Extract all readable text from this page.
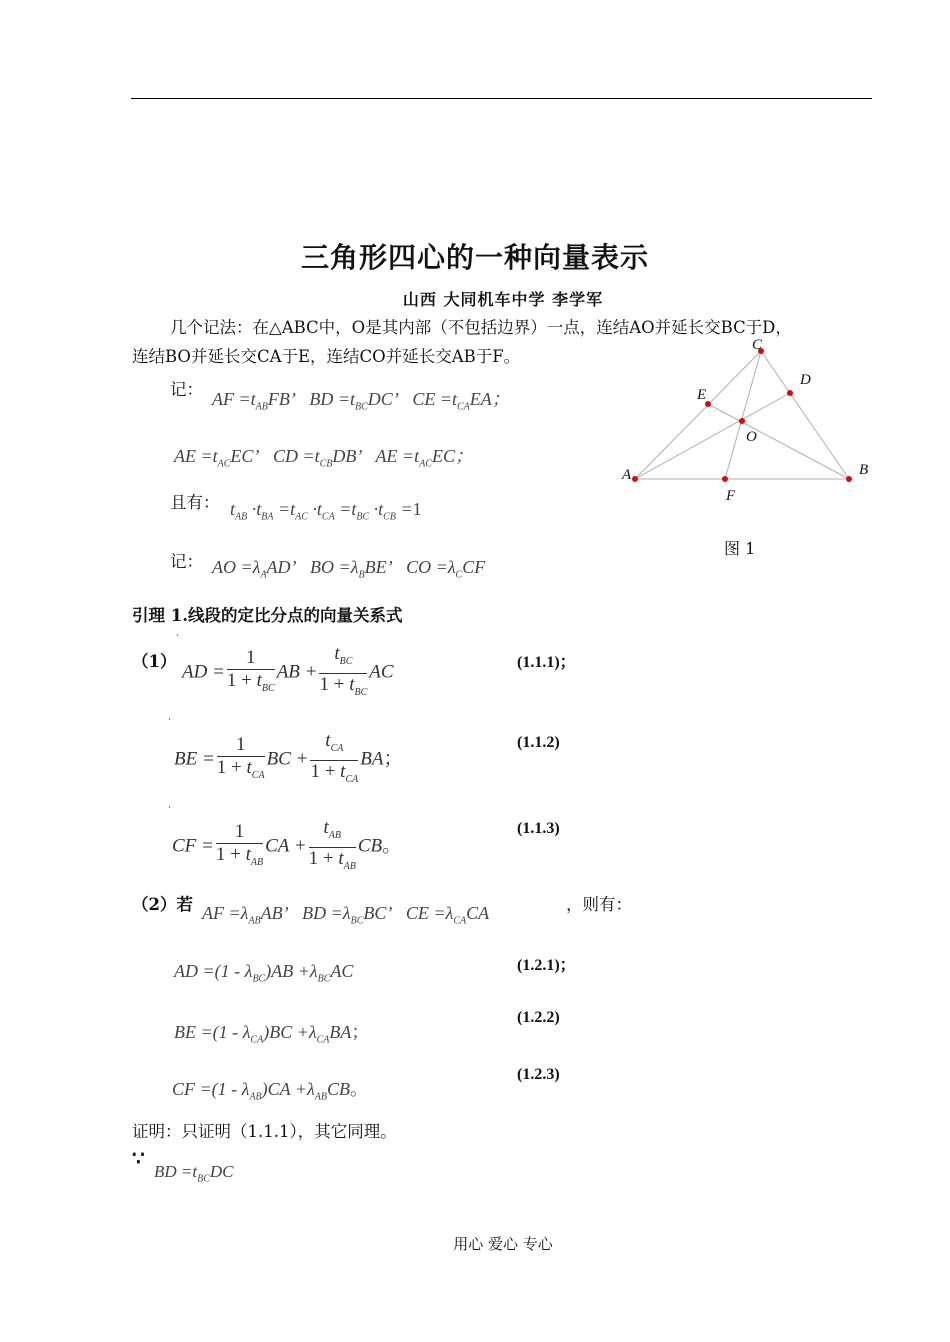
三角形四心的一种向量表示
山西 大同机车中学 李学军
几个记法：在△ABC中，O是其内部（不包括边界）一点，连结AO并延长交BC于D，
连结BO并延长交CA于E，连结CO并延长交AB于F。
记： AF $=t_{AB}FB$’   BD $=t_{BC}DC$’   CE $=t_{CA}EA$；
AE $=t_{AC}EC$’   CD $=t_{CB}DB$’   AE $=t_{AC}EC$；
且有： $t_{AB} \cdot t_{BA} =t_{AC} \cdot t_{CA} =t_{BC} \cdot t_{CB} =1$
记： AO $=\lambda_AAD$’   BO $=\lambda_BBE$’   CO $=\lambda_CCF$
A	B
C
D
E
F
O
图 1
引理 1.线段的定比分点的向量关系式
（1）
’
AD = $\frac{1}{1 + t_{BC}}$ AB + $\frac{t_{BC}}{1 + t_{BC}}$ AC	(1.1.1)；
’
BE = $\frac{1}{1 + t_{CA}}$ BC + $\frac{t_{CA}}{1 + t_{CA}}$ BA；
(1.1.2)
’
CF = $\frac{1}{1 + t_{AB}}$ CA + $\frac{t_{AB}}{1 + t_{AB}}$ CB。
(1.1.3)
（2）若 AF $=\lambda_{AB}AB$’   BD $=\lambda_{BC}BC$’   CE $=\lambda_{CA}CA$	，则有：
AD $=(1 - \lambda_{BC})AB +\lambda_{BC}AC$	(1.2.1)；
BE $=(1 - \lambda_{CA})BC +\lambda_{CA}BA$；
(1.2.2)
CF $=(1 - \lambda_{AB})CA +\lambda_{AB}CB$。
(1.2.3)
证明：只证明（1.1.1），其它同理。
∵
BD $=t_{BC}DC$
用心 爱心 专心
